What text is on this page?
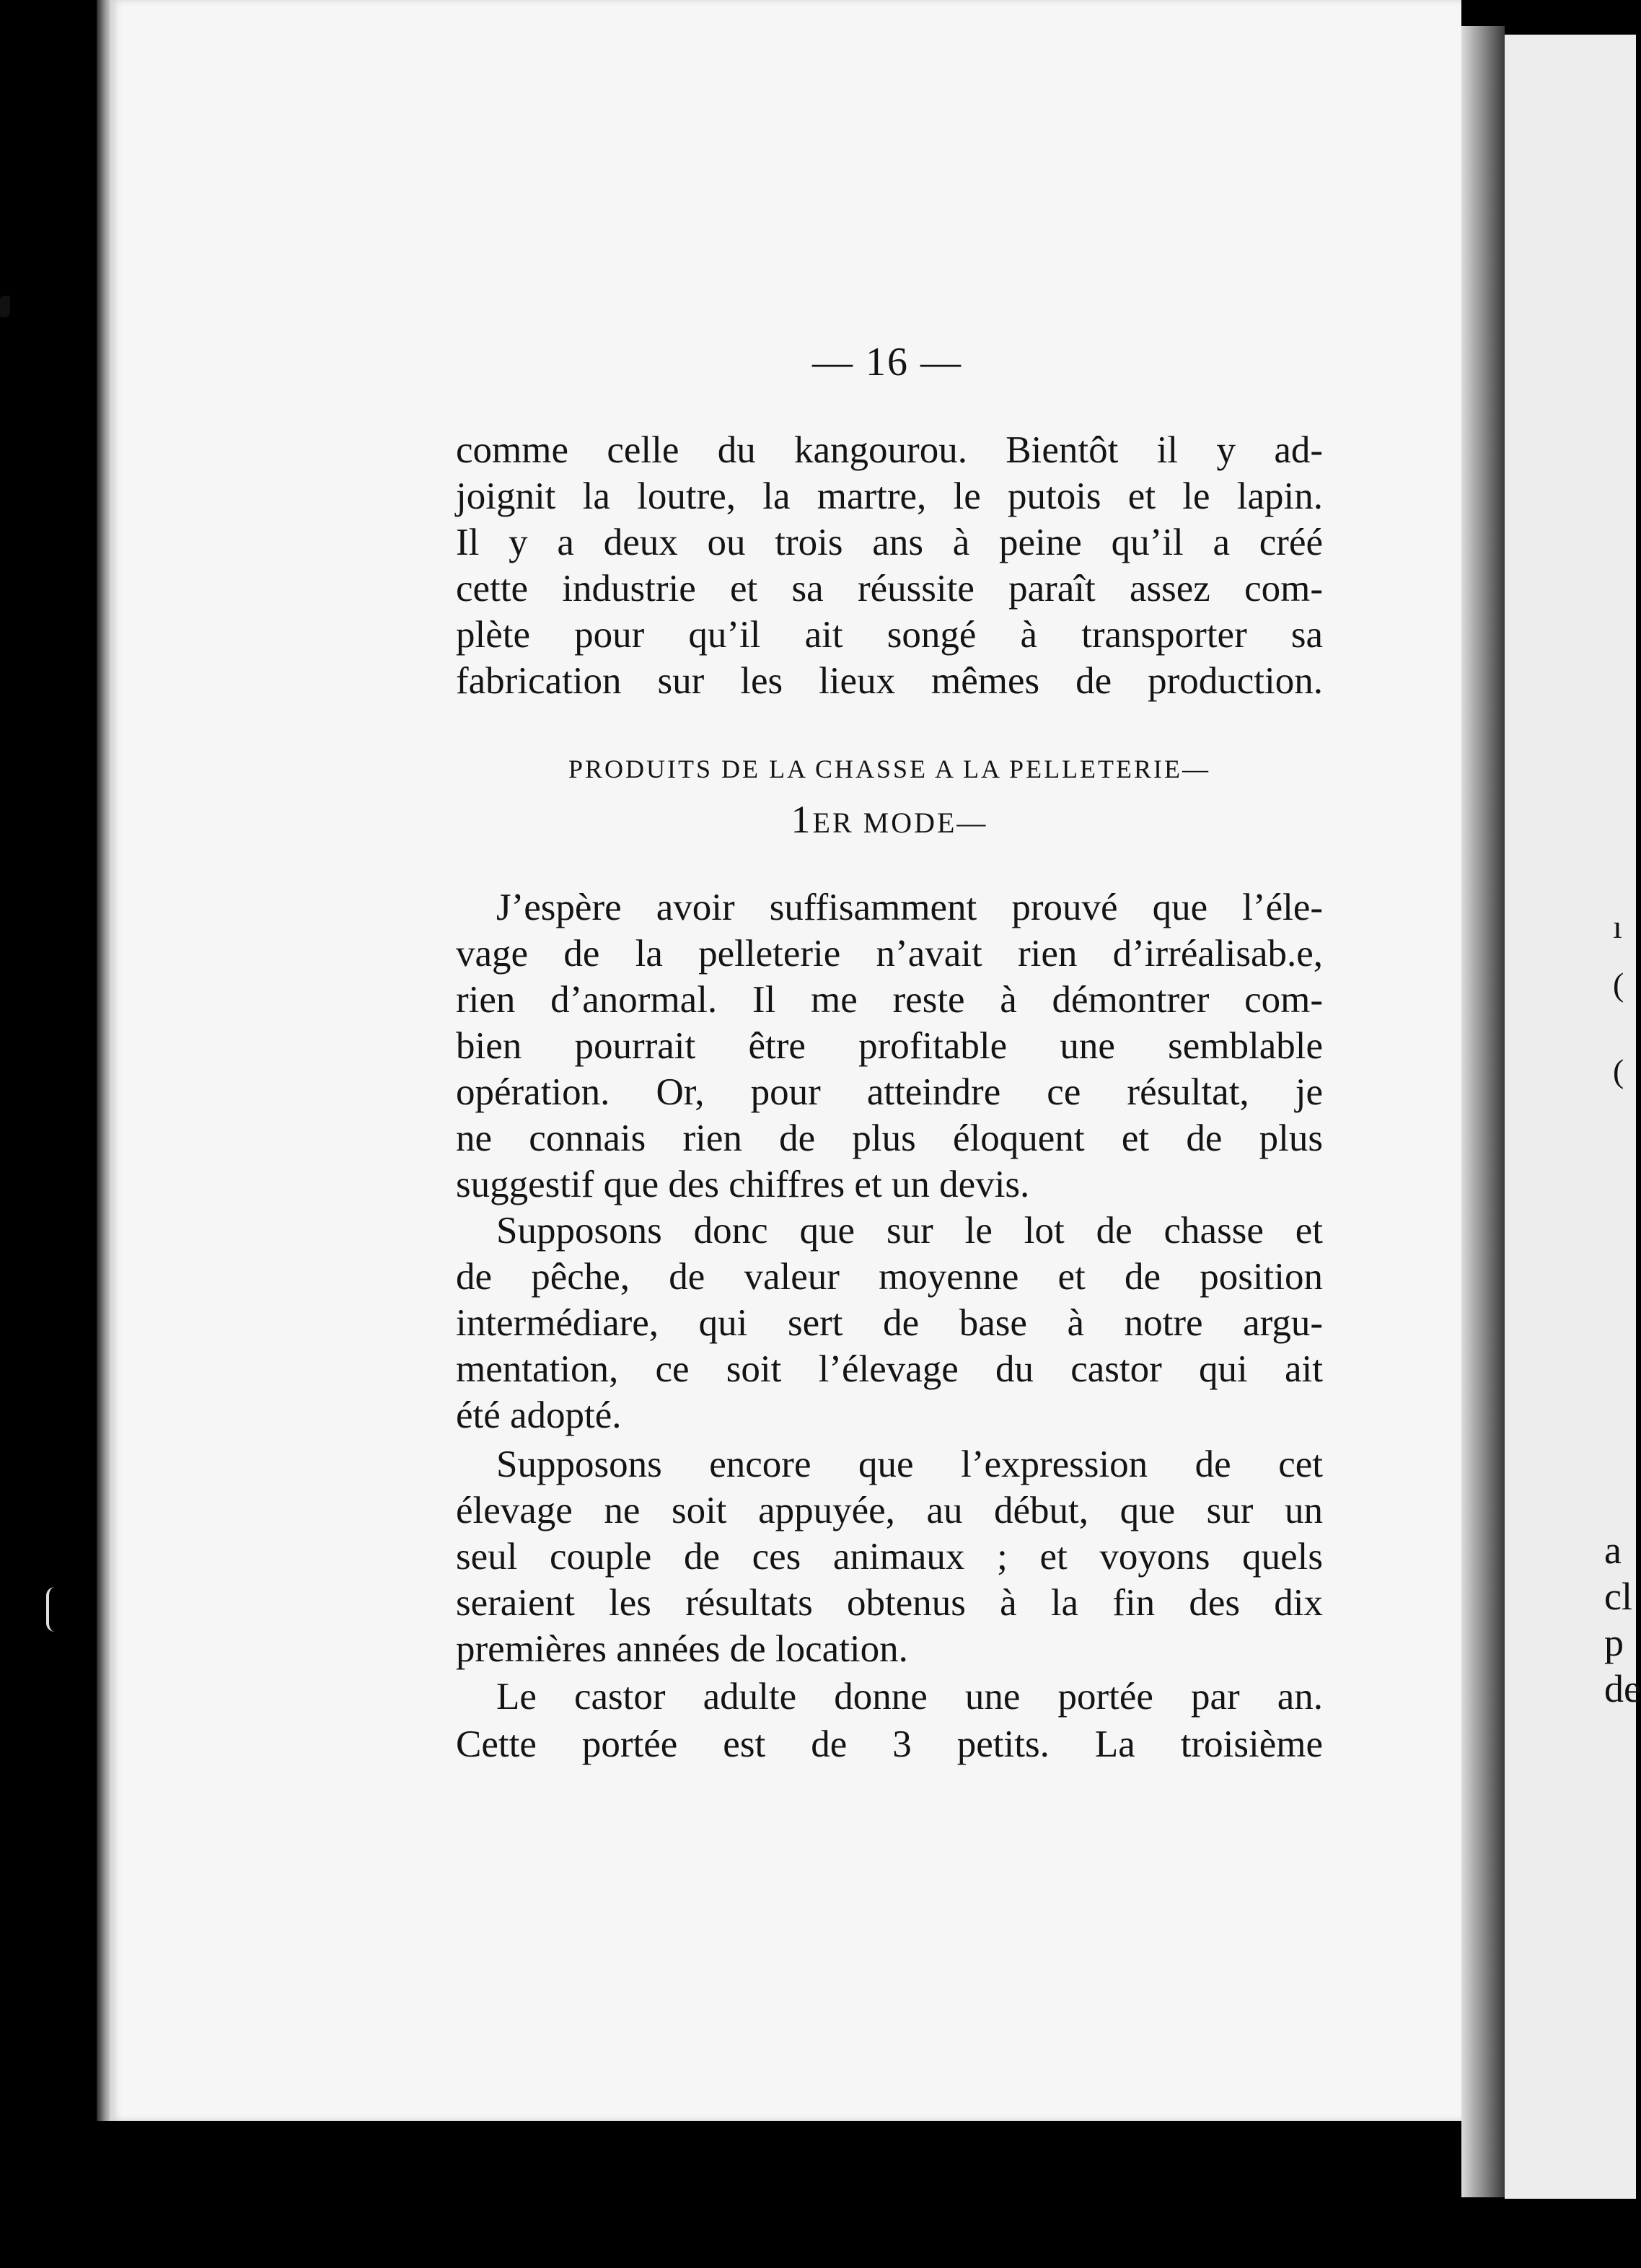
ı
(
(
a
cl
p
de
— 16 —
comme celle du kangourou. Bientôt il y ad-
joignit la loutre, la martre, le putois et le lapin.
Il y a deux ou trois ans à peine qu’il a créé
cette industrie et sa réussite paraît assez com-
plète pour qu’il ait songé à transporter sa
fabrication sur les lieux mêmes de production.
PRODUITS DE LA CHASSE A LA PELLETERIE—
1ER MODE—
J’espère avoir suffisamment prouvé que l’éle-
vage de la pelleterie n’avait rien d’irréalisab.e,
rien d’anormal. Il me reste à démontrer com-
bien pourrait être profitable une semblable
opération. Or, pour atteindre ce résultat, je
ne connais rien de plus éloquent et de plus
suggestif que des chiffres et un devis.
Supposons donc que sur le lot de chasse et
de pêche, de valeur moyenne et de position
intermédiare, qui sert de base à notre argu-
mentation, ce soit l’élevage du castor qui ait
été adopté.
Supposons encore que l’expression de cet
élevage ne soit appuyée, au début, que sur un
seul couple de ces animaux ; et voyons quels
seraient les résultats obtenus à la fin des dix
premières années de location.
Le castor adulte donne une portée par an.
Cette portée est de 3 petits. La troisième
